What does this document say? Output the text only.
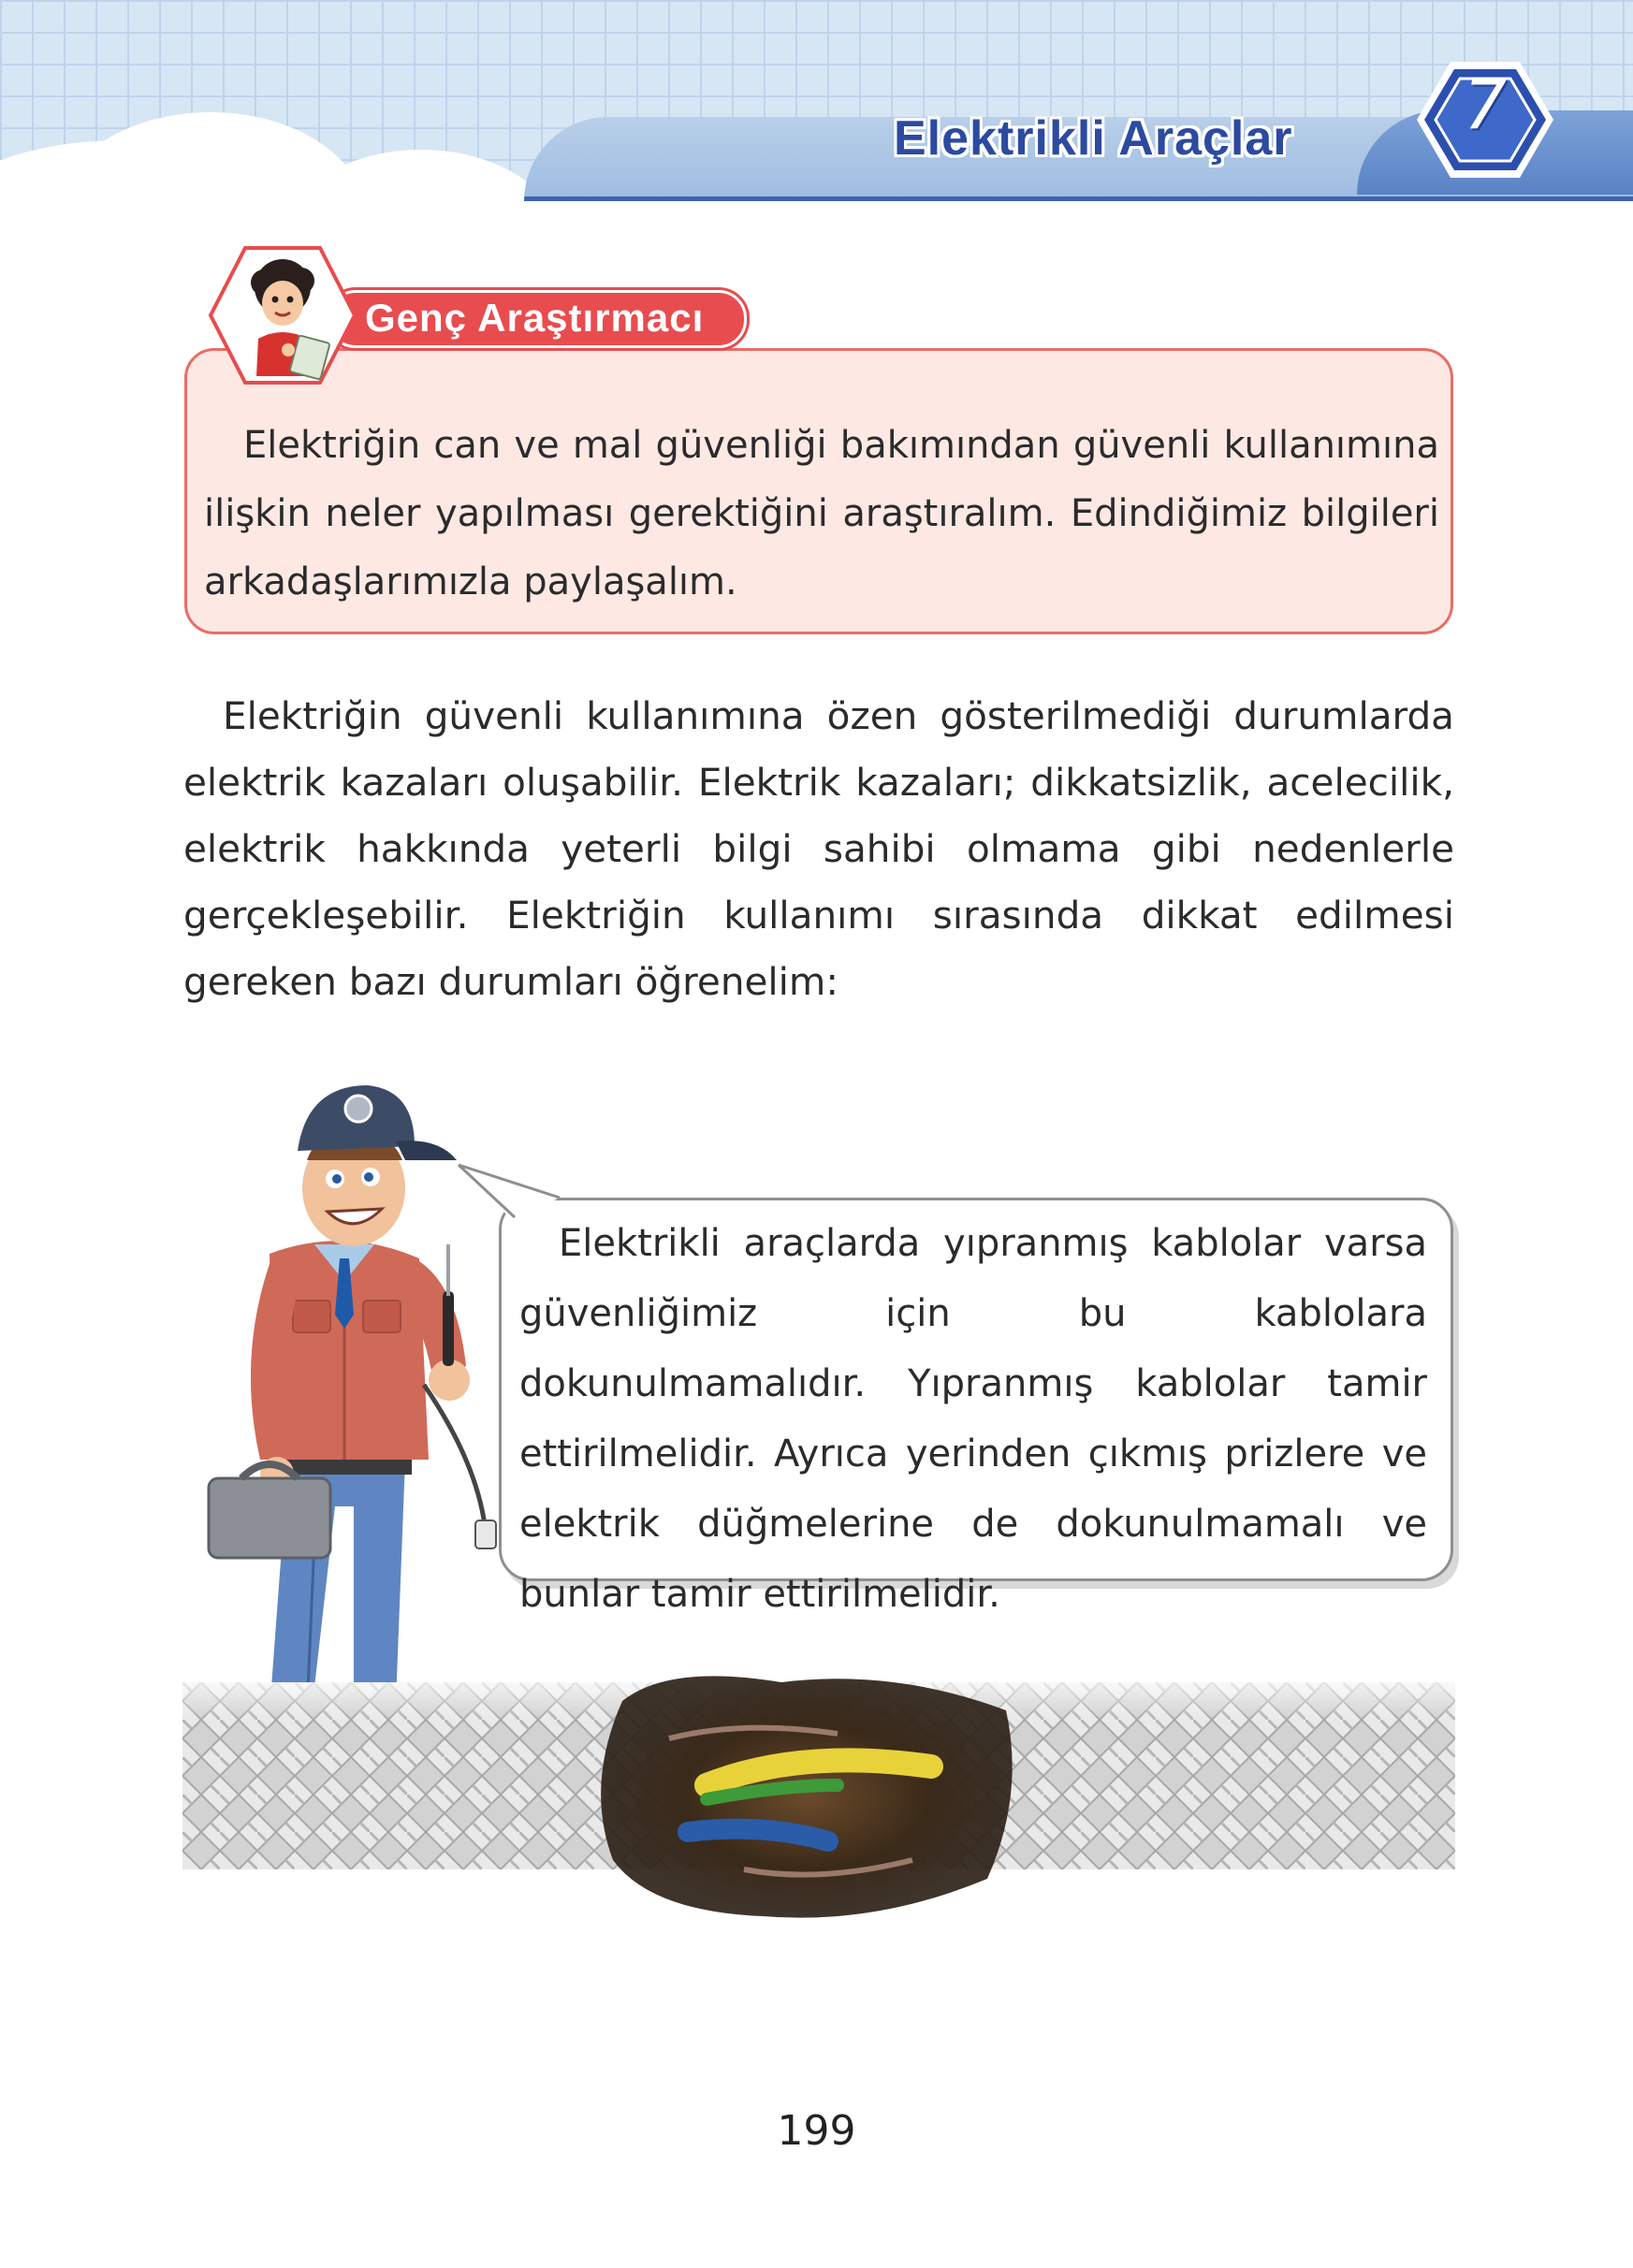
Elektrikli Araçlar	7
Elektriğin can ve mal güvenliği bakımından güvenli kullanımına ilişkin neler yapılması gerektiğini araştıralım. Edindiğimiz bilgileri arkadaşlarımızla paylaşalım.
Genç Araştırmacı
Elektriğin güvenli kullanımına özen gösterilmediği durumlarda elektrik kazaları oluşabilir. Elektrik kazaları; dikkatsizlik, acelecilik, elektrik hakkında yeterli bilgi sahibi olmama gibi nedenlerle gerçekleşebilir. Elektriğin kullanımı sırasında dikkat edilmesi gereken bazı durumları öğrenelim:
Elektrikli araçlarda yıpranmış kablolar varsa güvenliğimiz için bu kablolara dokunulmamalıdır. Yıpranmış kablolar tamir ettirilmelidir. Ayrıca yerinden çıkmış prizlere ve elektrik düğmelerine de dokunulmamalı ve bunlar tamir ettirilmelidir.
199
